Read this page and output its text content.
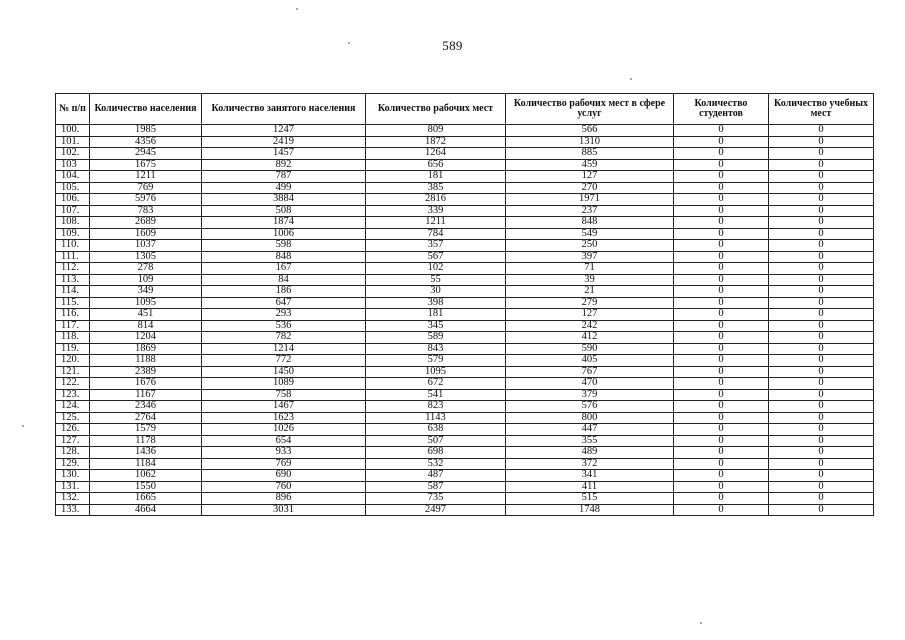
589
№ п/п	Количество населения	Количество занятого населения	Количество рабочих мест	Количество рабочих мест в сфере услуг	Количество студентов	Количество учебных мест
100.	1985	1247	809	566	0	0
101.	4356	2419	1872	1310	0	0
102.	2945	1457	1264	885	0	0
103	1675	892	656	459	0	0
104.	1211	787	181	127	0	0
105.	769	499	385	270	0	0
106.	5976	3884	2816	1971	0	0
107.	783	508	339	237	0	0
108.	2689	1874	1211	848	0	0
109.	1609	1006	784	549	0	0
110.	1037	598	357	250	0	0
111.	1305	848	567	397	0	0
112.	278	167	102	71	0	0
113.	109	84	55	39	0	0
114.	349	186	30	21	0	0
115.	1095	647	398	279	0	0
116.	451	293	181	127	0	0
117.	814	536	345	242	0	0
118.	1204	782	589	412	0	0
119.	1869	1214	843	590	0	0
120.	1188	772	579	405	0	0
121.	2389	1450	1095	767	0	0
122.	1676	1089	672	470	0	0
123.	1167	758	541	379	0	0
124.	2346	1467	823	576	0	0
125.	2764	1623	1143	800	0	0
126.	1579	1026	638	447	0	0
127.	1178	654	507	355	0	0
128.	1436	933	698	489	0	0
129.	1184	769	532	372	0	0
130.	1062	690	487	341	0	0
131.	1550	760	587	411	0	0
132.	1665	896	735	515	0	0
133.	4664	3031	2497	1748	0	0
